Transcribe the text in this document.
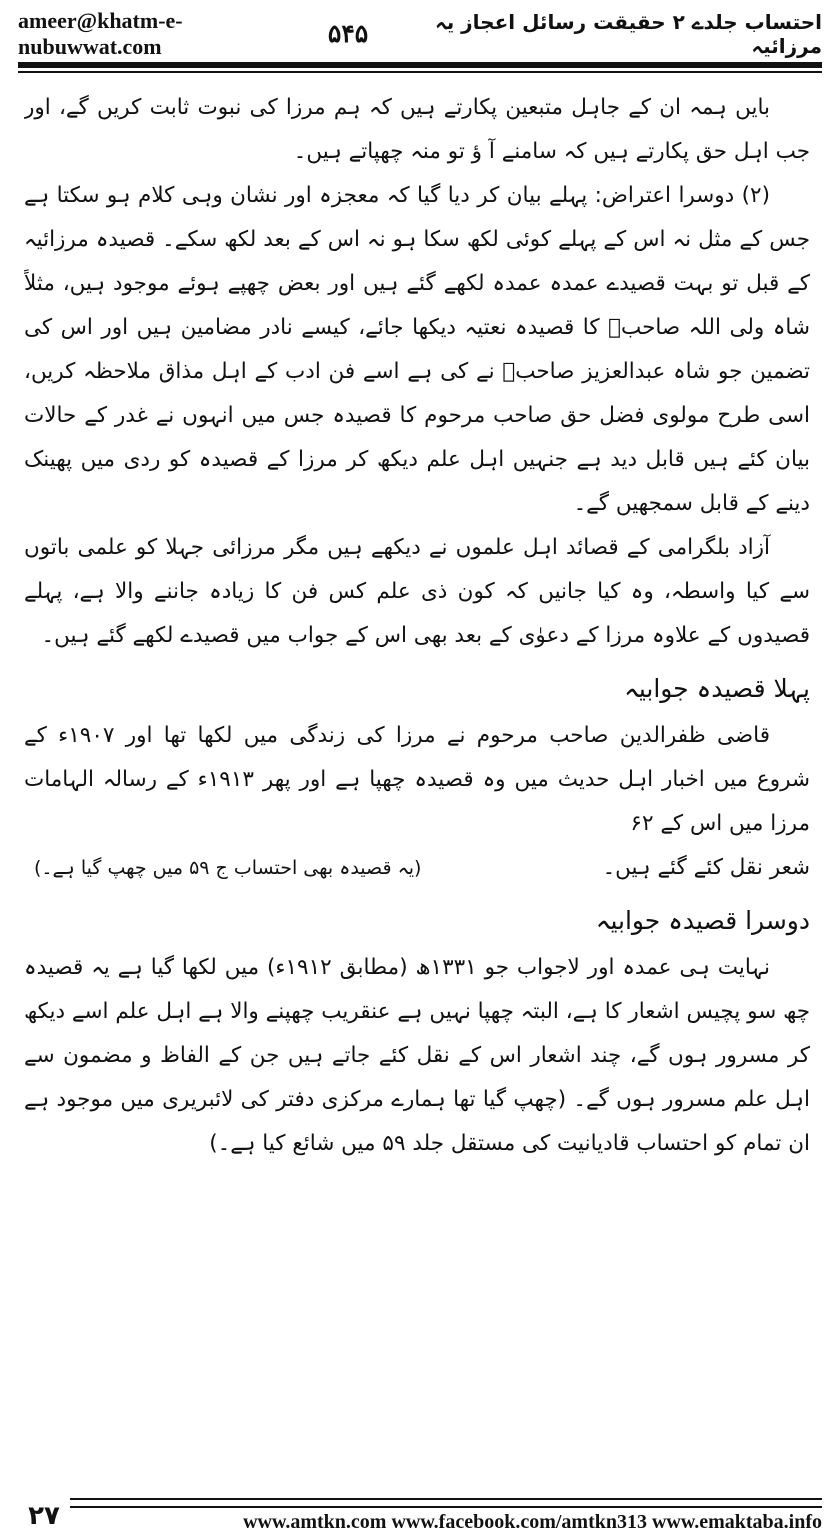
ameer@khatm-e-nubuwwat.com	۵۴۵	احتساب جلدے ۲ حقیقت رسائل اعجاز یہ مرزائیہ

بایں ہمہ ان کے جاہل متبعین پکارتے ہیں کہ ہم مرزا کی نبوت ثابت کریں گے، اور جب اہل حق پکارتے ہیں کہ سامنے آ ؤ تو منہ چھپاتے ہیں۔

(۲) دوسرا اعتراض: پہلے بیان کر دیا گیا کہ معجزہ اور نشان وہی کلام ہو سکتا ہے جس کے مثل نہ اس کے پہلے کوئی لکھ سکا ہو نہ اس کے بعد لکھ سکے۔ قصیدہ مرزائیہ کے قبل تو بہت قصیدے عمدہ عمدہ لکھے گئے ہیں اور بعض چھپے ہوئے موجود ہیں، مثلاً شاہ ولی اللہ صاحبؒ کا قصیدہ نعتیہ دیکھا جائے، کیسے نادر مضامین ہیں اور اس کی تضمین جو شاہ عبدالعزیز صاحبؒ نے کی ہے اسے فن ادب کے اہل مذاق ملاحظہ کریں، اسی طرح مولوی فضل حق صاحب مرحوم کا قصیدہ جس میں انہوں نے غدر کے حالات بیان کئے ہیں قابل دید ہے جنہیں اہل علم دیکھ کر مرزا کے قصیدہ کو ردی میں پھینک دینے کے قابل سمجھیں گے۔

آزاد بلگرامی کے قصائد اہل علموں نے دیکھے ہیں مگر مرزائی جہلا کو علمی باتوں سے کیا واسطہ، وہ کیا جانیں کہ کون ذی علم کس فن کا زیادہ جاننے والا ہے، پہلے قصیدوں کے علاوہ مرزا کے دعوٰی کے بعد بھی اس کے جواب میں قصیدے لکھے گئے ہیں۔

پہلا قصیدہ جوابیہ

قاضی ظفرالدین صاحب مرحوم نے مرزا کی زندگی میں لکھا تھا اور ۱۹۰۷ء کے شروع میں اخبار اہل حدیث میں وہ قصیدہ چھپا ہے اور پھر ۱۹۱۳ء کے رسالہ الہامات مرزا میں اس کے ۶۲

شعر نقل کئے گئے ہیں۔
(یہ قصیدہ بھی احتساب ج ۵۹ میں چھپ گیا ہے۔)

دوسرا قصیدہ جوابیہ

نہایت ہی عمدہ اور لاجواب جو ۱۳۳۱ھ (مطابق ۱۹۱۲ء) میں لکھا گیا ہے یہ قصیدہ چھ سو پچیس اشعار کا ہے، البتہ چھپا نہیں ہے عنقریب چھپنے والا ہے اہل علم اسے دیکھ کر مسرور ہوں گے، چند اشعار اس کے نقل کئے جاتے ہیں جن کے الفاظ و مضمون سے اہل علم مسرور ہوں گے۔ (چھپ گیا تھا ہمارے مرکزی دفتر کی لائبریری میں موجود ہے ان تمام کو احتساب قادیانیت کی مستقل جلد ۵۹ میں شائع کیا ہے۔)

۲۷	www.amtkn.com www.facebook.com/amtkn313 www.emaktaba.info
